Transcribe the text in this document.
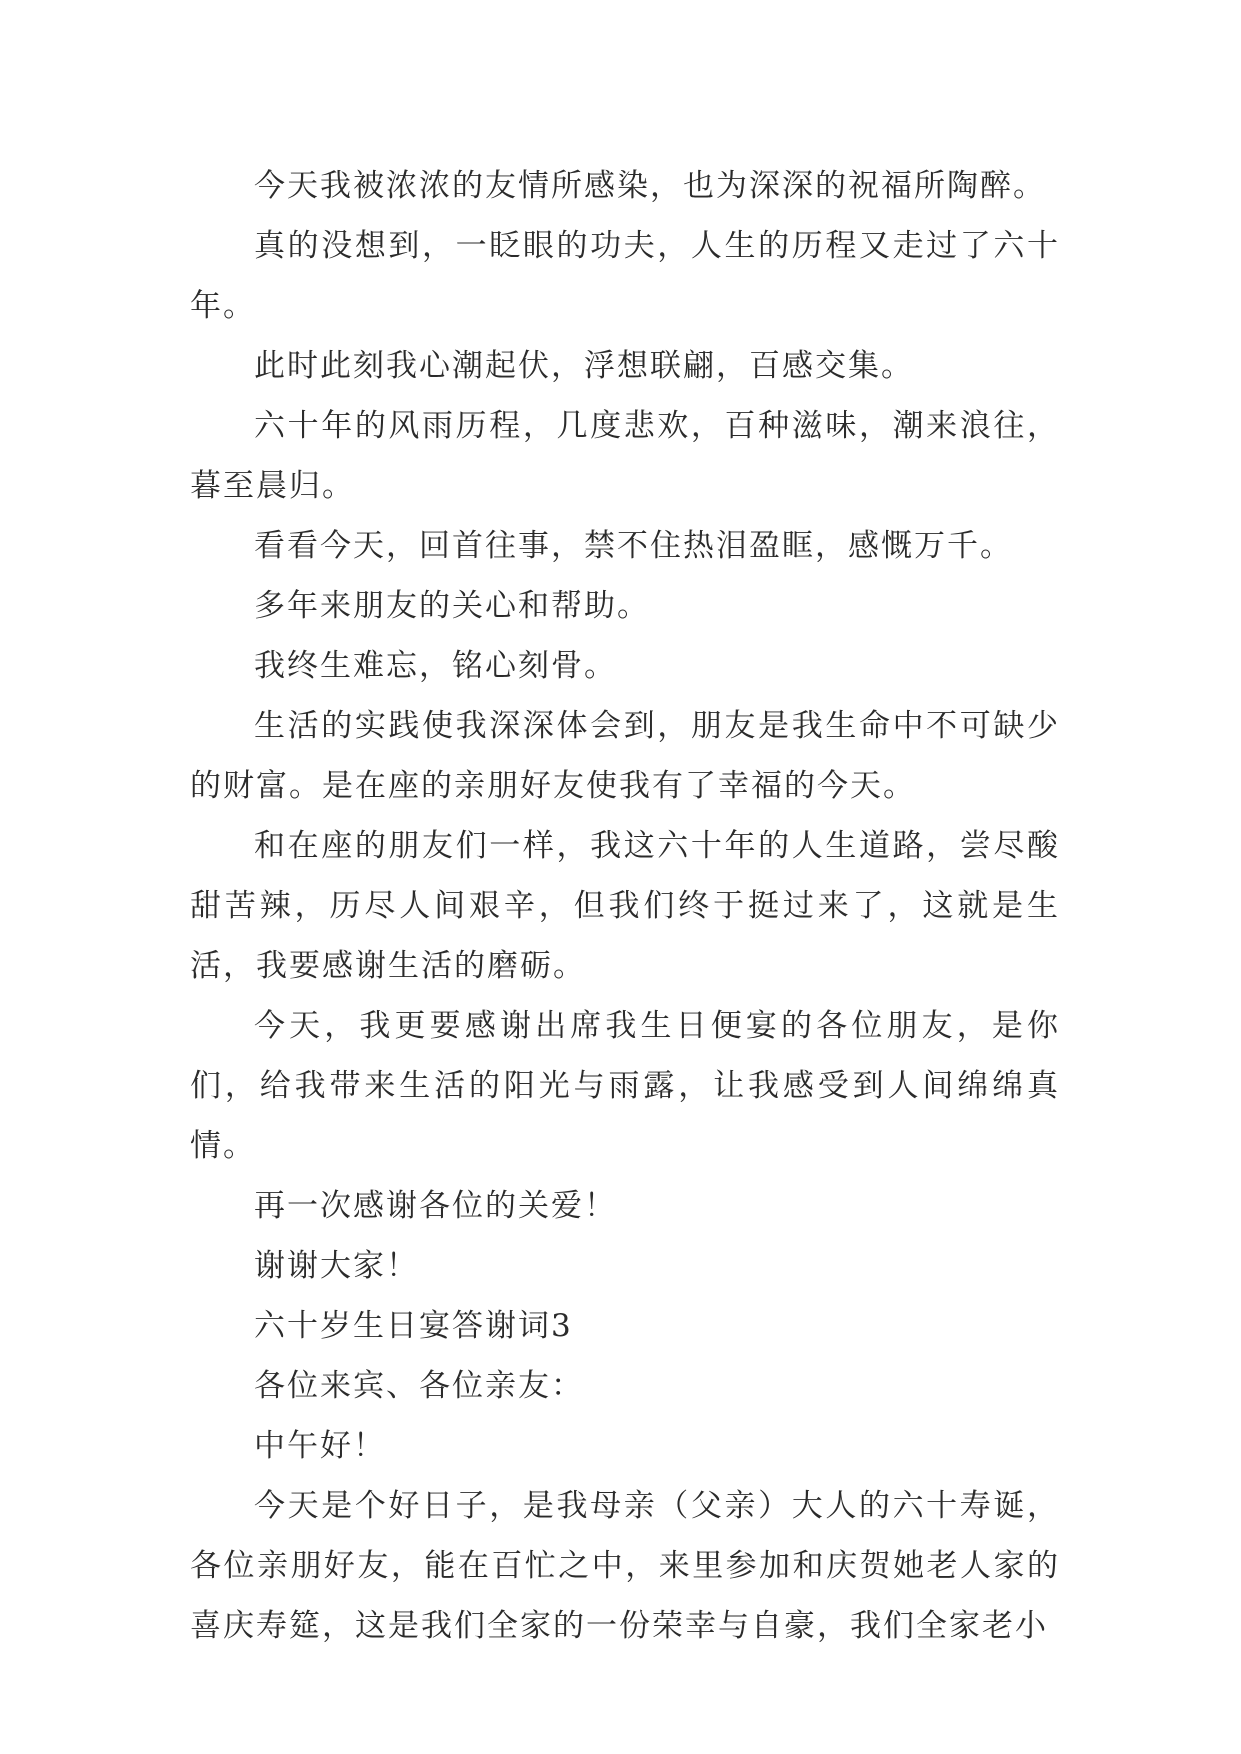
今天我被浓浓的友情所感染，也为深深的祝福所陶醉。

真的没想到，一眨眼的功夫，人生的历程又走过了六十年。

此时此刻我心潮起伏，浮想联翩，百感交集。

六十年的风雨历程，几度悲欢，百种滋味，潮来浪往，暮至晨归。

看看今天，回首往事，禁不住热泪盈眶，感慨万千。

多年来朋友的关心和帮助。

我终生难忘，铭心刻骨。

生活的实践使我深深体会到，朋友是我生命中不可缺少的财富。是在座的亲朋好友使我有了幸福的今天。

和在座的朋友们一样，我这六十年的人生道路，尝尽酸甜苦辣，历尽人间艰辛，但我们终于挺过来了，这就是生活，我要感谢生活的磨砺。

今天，我更要感谢出席我生日便宴的各位朋友，是你们，给我带来生活的阳光与雨露，让我感受到人间绵绵真情。

再一次感谢各位的关爱！

谢谢大家！

六十岁生日宴答谢词3

各位来宾、各位亲友：

中午好！

今天是个好日子，是我母亲（父亲）大人的六十寿诞，各位亲朋好友，能在百忙之中，来里参加和庆贺她老人家的喜庆寿筵，这是我们全家的一份荣幸与自豪，我们全家老小
